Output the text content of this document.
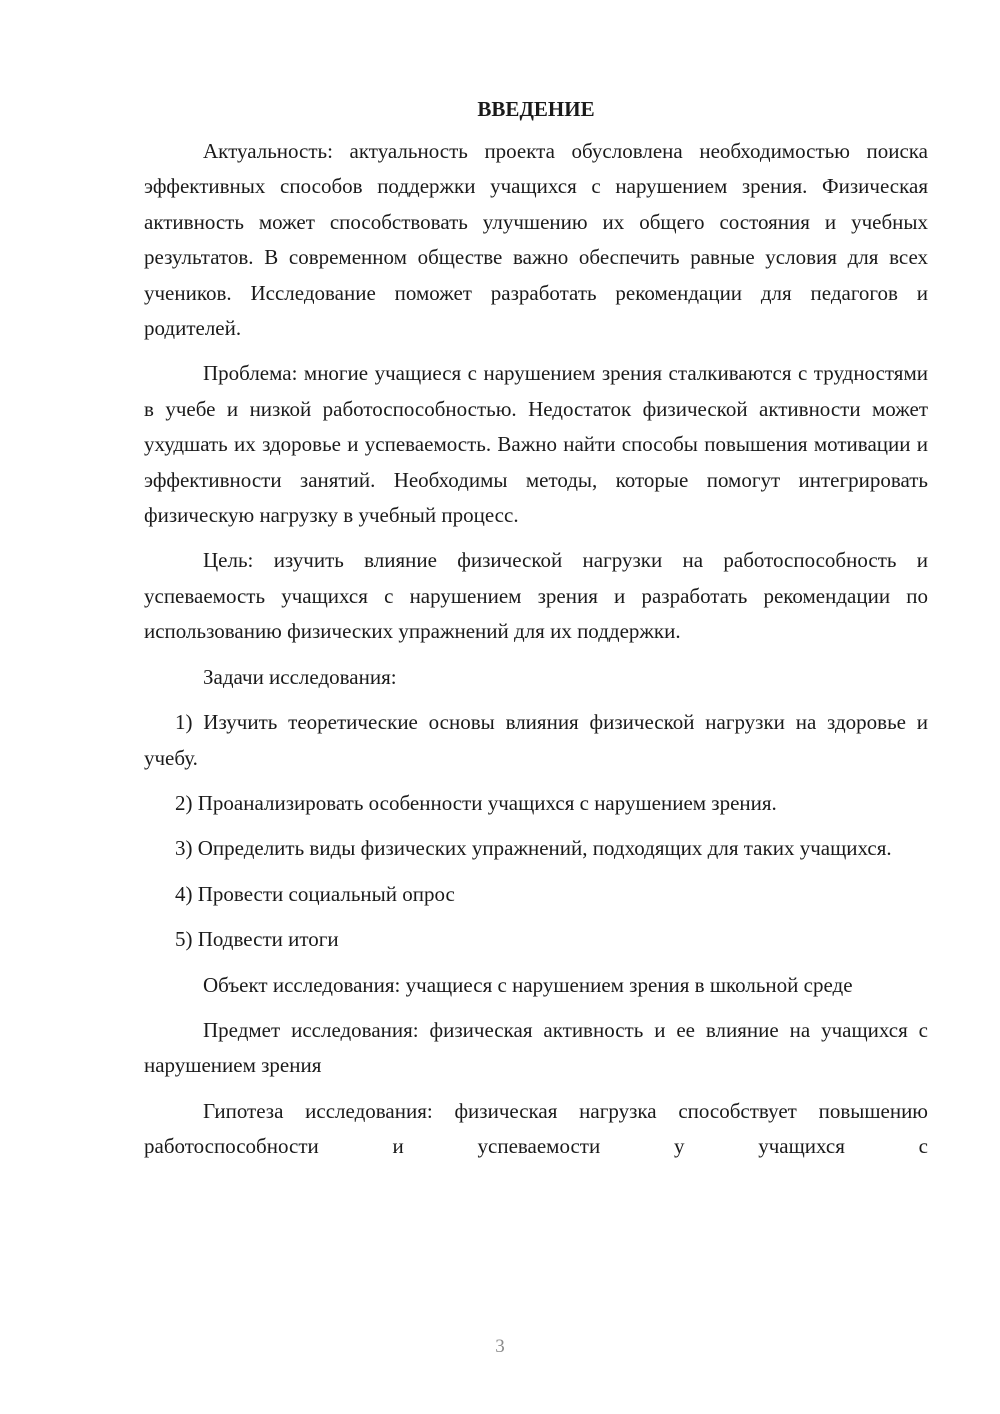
ВВЕДЕНИЕ

Актуальность: актуальность проекта обусловлена необходимостью поиска эффективных способов поддержки учащихся с нарушением зрения. Физическая активность может способствовать улучшению их общего состояния и учебных результатов. В современном обществе важно обеспечить равные условия для всех учеников. Исследование поможет разработать рекомендации для педагогов и родителей.

Проблема: многие учащиеся с нарушением зрения сталкиваются с трудностями в учебе и низкой работоспособностью. Недостаток физической активности может ухудшать их здоровье и успеваемость. Важно найти способы повышения мотивации и эффективности занятий. Необходимы методы, которые помогут интегрировать физическую нагрузку в учебный процесс.

Цель: изучить влияние физической нагрузки на работоспособность и успеваемость учащихся с нарушением зрения и разработать рекомендации по использованию физических упражнений для их поддержки.

Задачи исследования:

1) Изучить теоретические основы влияния физической нагрузки на здоровье и учебу.

2) Проанализировать особенности учащихся с нарушением зрения.

3) Определить виды физических упражнений, подходящих для таких учащихся.

4) Провести социальный опрос

5) Подвести итоги

Объект исследования: учащиеся с нарушением зрения в школьной среде

Предмет исследования: физическая активность и ее влияние на учащихся с нарушением зрения

Гипотеза исследования: физическая нагрузка способствует повышению работоспособности и успеваемости у учащихся с

3
